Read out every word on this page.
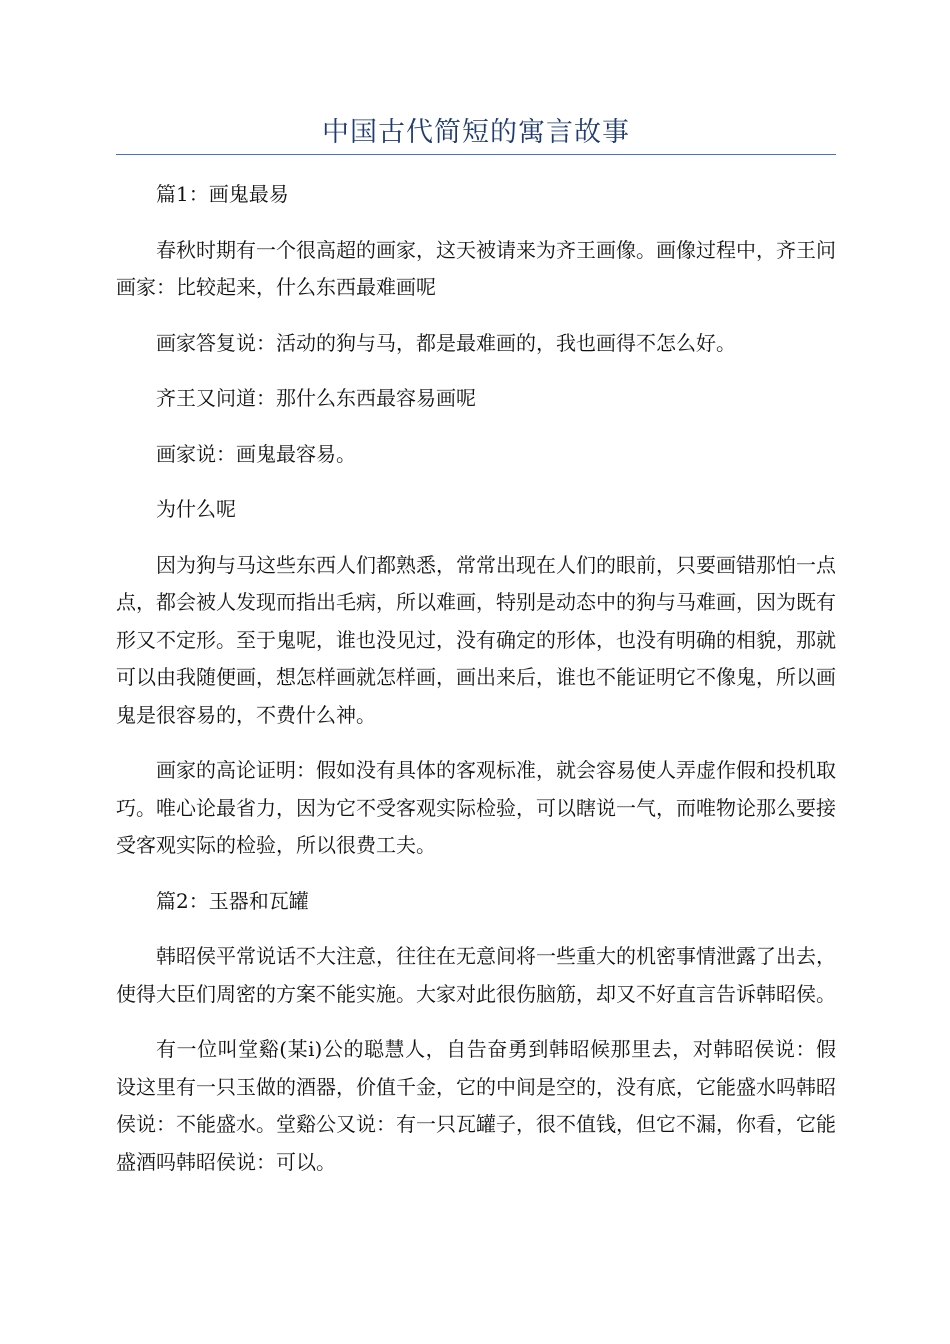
中国古代简短的寓言故事

篇1：画鬼最易

春秋时期有一个很高超的画家，这天被请来为齐王画像。画像过程中，齐王问画家：比较起来，什么东西最难画呢

画家答复说：活动的狗与马，都是最难画的，我也画得不怎么好。

齐王又问道：那什么东西最容易画呢

画家说：画鬼最容易。

为什么呢

因为狗与马这些东西人们都熟悉，常常出现在人们的眼前，只要画错那怕一点点，都会被人发现而指出毛病，所以难画，特别是动态中的狗与马难画，因为既有形又不定形。至于鬼呢，谁也没见过，没有确定的形体，也没有明确的相貌，那就可以由我随便画，想怎样画就怎样画，画出来后，谁也不能证明它不像鬼，所以画鬼是很容易的，不费什么神。

画家的高论证明：假如没有具体的客观标准，就会容易使人弄虚作假和投机取巧。唯心论最省力，因为它不受客观实际检验，可以瞎说一气，而唯物论那么要接受客观实际的检验，所以很费工夫。

篇2：玉器和瓦罐

韩昭侯平常说话不大注意，往往在无意间将一些重大的机密事情泄露了出去，使得大臣们周密的方案不能实施。大家对此很伤脑筋，却又不好直言告诉韩昭侯。

有一位叫堂谿(某i)公的聪慧人，自告奋勇到韩昭候那里去，对韩昭侯说：假设这里有一只玉做的酒器，价值千金，它的中间是空的，没有底，它能盛水吗韩昭侯说：不能盛水。堂谿公又说：有一只瓦罐子，很不值钱，但它不漏，你看，它能盛酒吗韩昭侯说：可以。
